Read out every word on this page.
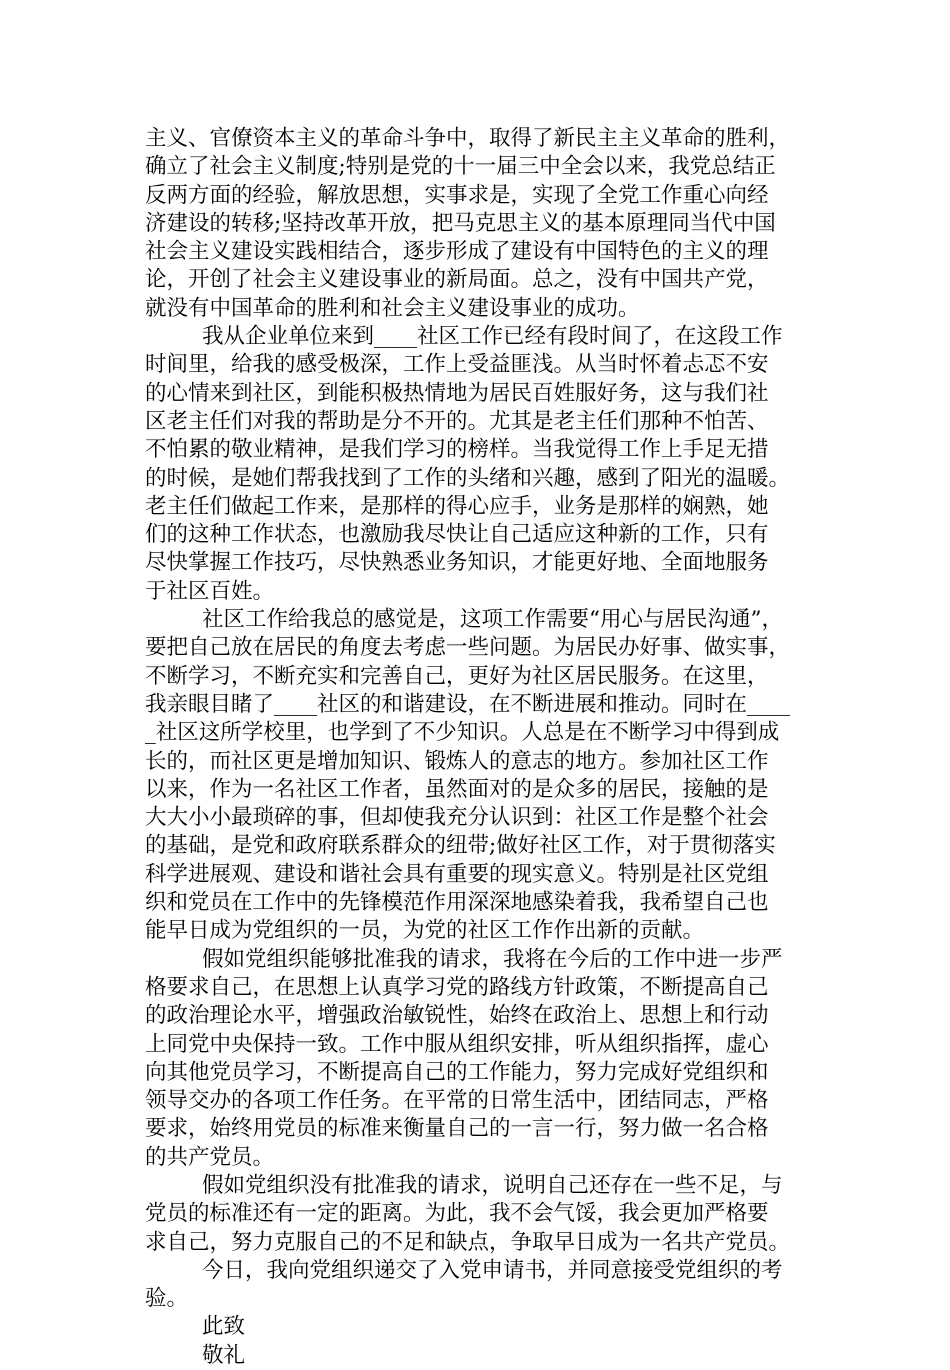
主义、官僚资本主义的革命斗争中，取得了新民主主义革命的胜利，
确立了社会主义制度;特别是党的十一届三中全会以来，我党总结正
反两方面的经验，解放思想，实事求是，实现了全党工作重心向经
济建设的转移;坚持改革开放，把马克思主义的基本原理同当代中国
社会主义建设实践相结合，逐步形成了建设有中国特色的主义的理
论，开创了社会主义建设事业的新局面。总之，没有中国共产党，
就没有中国革命的胜利和社会主义建设事业的成功。
我从企业单位来到____社区工作已经有段时间了，在这段工作
时间里，给我的感受极深，工作上受益匪浅。从当时怀着忐忑不安
的心情来到社区，到能积极热情地为居民百姓服好务，这与我们社
区老主任们对我的帮助是分不开的。尤其是老主任们那种不怕苦、
不怕累的敬业精神，是我们学习的榜样。当我觉得工作上手足无措
的时候，是她们帮我找到了工作的头绪和兴趣，感到了阳光的温暖。
老主任们做起工作来，是那样的得心应手，业务是那样的娴熟，她
们的这种工作状态，也激励我尽快让自己适应这种新的工作，只有
尽快掌握工作技巧，尽快熟悉业务知识，才能更好地、全面地服务
于社区百姓。
社区工作给我总的感觉是，这项工作需要“用心与居民沟通”，
要把自己放在居民的角度去考虑一些问题。为居民办好事、做实事，
不断学习，不断充实和完善自己，更好为社区居民服务。在这里，
我亲眼目睹了____社区的和谐建设，在不断进展和推动。同时在____
_社区这所学校里，也学到了不少知识。人总是在不断学习中得到成
长的，而社区更是增加知识、锻炼人的意志的地方。参加社区工作
以来，作为一名社区工作者，虽然面对的是众多的居民，接触的是
大大小小最琐碎的事，但却使我充分认识到：社区工作是整个社会
的基础，是党和政府联系群众的纽带;做好社区工作，对于贯彻落实
科学进展观、建设和谐社会具有重要的现实意义。特别是社区党组
织和党员在工作中的先锋模范作用深深地感染着我，我希望自己也
能早日成为党组织的一员，为党的社区工作作出新的贡献。
假如党组织能够批准我的请求，我将在今后的工作中进一步严
格要求自己，在思想上认真学习党的路线方针政策，不断提高自己
的政治理论水平，增强政治敏锐性，始终在政治上、思想上和行动
上同党中央保持一致。工作中服从组织安排，听从组织指挥，虚心
向其他党员学习，不断提高自己的工作能力，努力完成好党组织和
领导交办的各项工作任务。在平常的日常生活中，团结同志，严格
要求，始终用党员的标准来衡量自己的一言一行，努力做一名合格
的共产党员。
假如党组织没有批准我的请求，说明自己还存在一些不足，与
党员的标准还有一定的距离。为此，我不会气馁，我会更加严格要
求自己，努力克服自己的不足和缺点，争取早日成为一名共产党员。
今日，我向党组织递交了入党申请书，并同意接受党组织的考
验。
此致
敬礼
